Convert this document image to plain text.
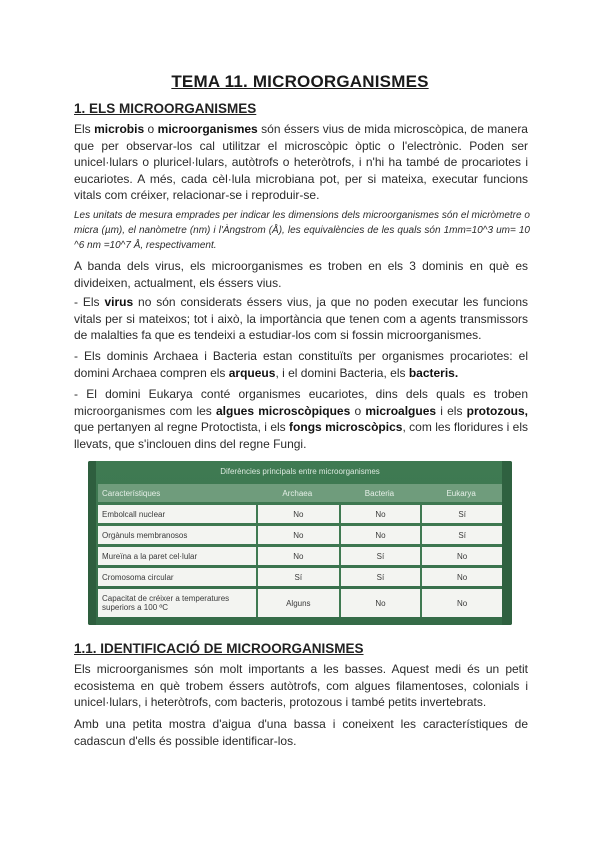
TEMA 11. MICROORGANISMES
1. ELS MICROORGANISMES
Els microbis o microorganismes són éssers vius de mida microscòpica, de manera que per observar-los cal utilitzar el microscòpic òptic o l'electrònic. Poden ser unicel·lulars o pluricel·lulars, autòtrofs o heteròtrofs, i n'hi ha també de procariotes i eucariotes. A més, cada cèl·lula microbiana pot, per si mateixa, executar funcions vitals com créixer, relacionar-se i reproduir-se.
Les unitats de mesura emprades per indicar les dimensions dels microorganismes són el micròmetre o micra (µm), el nanòmetre (nm) i l'Àngstrom (Å), les equivalències de les quals són 1mm=10^3 um= 10 ^6 nm =10^7 Å, respectivament.
A banda dels virus, els microorganismes es troben en els 3 dominis en què es divideixen, actualment, els éssers vius.
- Els virus no són considerats éssers vius, ja que no poden executar les funcions vitals per si mateixos; tot i això, la importància que tenen com a agents transmissors de malalties fa que es tendeixi a estudiar-los com si fossin microorganismes.
- Els dominis Archaea i Bacteria estan constituïts per organismes procariotes: el domini Archaea compren els arqueus, i el domini Bacteria, els bacteris.
- El domini Eukarya conté organismes eucariotes, dins dels quals es troben microorganismes com les algues microscòpiques o microalgues i els protozous, que pertanyen al regne Protoctista, i els fongs microscòpics, com les floridures i els llevats, que s'inclouen dins del regne Fungi.
Diferències principals entre microorganismes
Característiques	Archaea	Bacteria	Eukarya
Embolcall nuclear	No	No	Sí
Orgànuls membranosos	No	No	Sí
Mureïna a la paret cel·lular	No	Sí	No
Cromosoma circular	Sí	Sí	No
Capacitat de créixer a temperatures superiors a 100 ºC	Alguns	No	No
1.1. IDENTIFICACIÓ DE MICROORGANISMES
Els microorganismes són molt importants a les basses. Aquest medi és un petit ecosistema en què trobem éssers autòtrofs, com algues filamentoses, colonials i unicel·lulars, i heteròtrofs, com bacteris, protozous i també petits invertebrats.
Amb una petita mostra d'aigua d'una bassa i coneixent les característiques de cadascun d'ells és possible identificar-los.
